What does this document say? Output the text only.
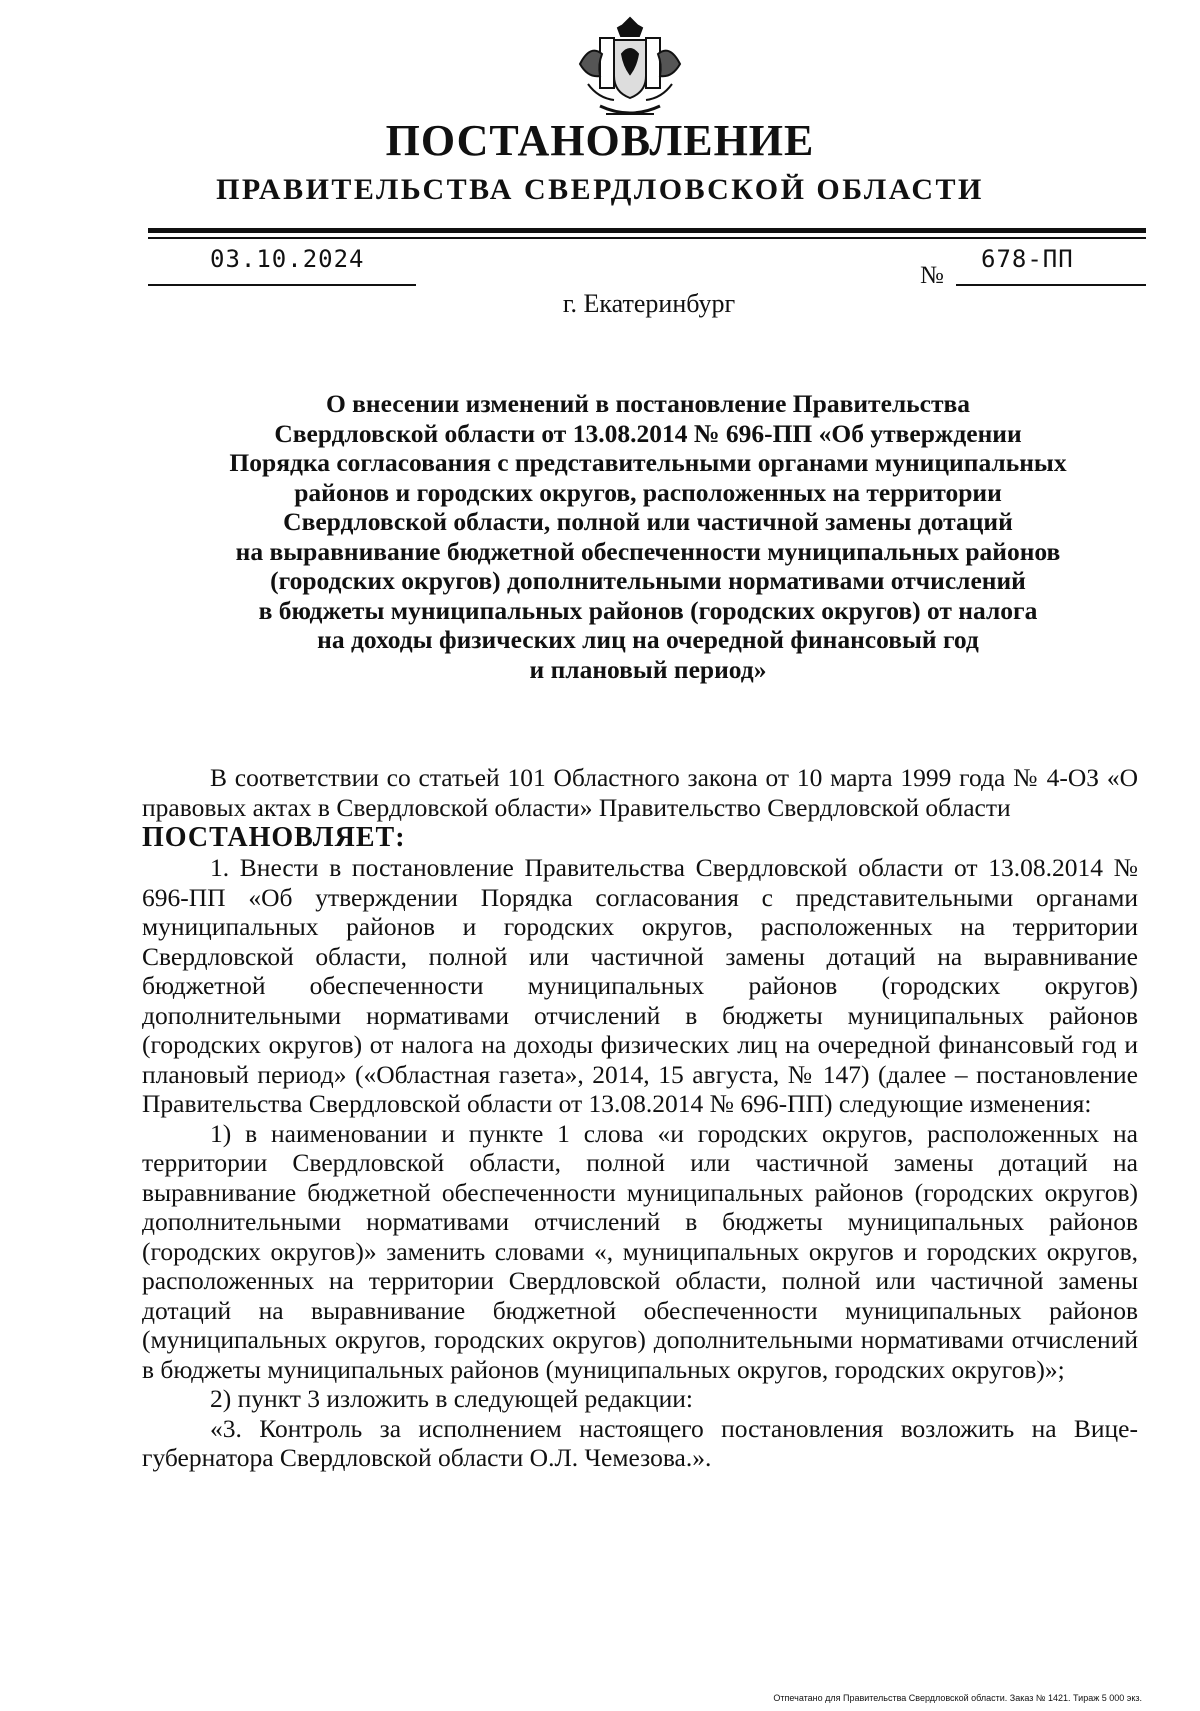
ПОСТАНОВЛЕНИЕ
ПРАВИТЕЛЬСТВА СВЕРДЛОВСКОЙ ОБЛАСТИ
03.10.2024
№
678-ПП
г. Екатеринбург
О внесении изменений в постановление Правительства
Свердловской области от 13.08.2014 № 696-ПП «Об утверждении
Порядка согласования с представительными органами муниципальных
районов и городских округов, расположенных на территории
Свердловской области, полной или частичной замены дотаций
на выравнивание бюджетной обеспеченности муниципальных районов
(городских округов) дополнительными нормативами отчислений
в бюджеты муниципальных районов (городских округов) от налога
на доходы физических лиц на очередной финансовый год
и плановый период»

В соответствии со статьей 101 Областного закона от 10 марта 1999 года № 4-ОЗ «О правовых актах в Свердловской области» Правительство Свердловской области

ПОСТАНОВЛЯЕТ:

1. Внести в постановление Правительства Свердловской области от 13.08.2014 № 696-ПП «Об утверждении Порядка согласования с представительными органами муниципальных районов и городских округов, расположенных на территории Свердловской области, полной или частичной замены дотаций на выравнивание бюджетной обеспеченности муниципальных районов (городских округов) дополнительными нормативами отчислений в бюджеты муниципальных районов (городских округов) от налога на доходы физических лиц на очередной финансовый год и плановый период» («Областная газета», 2014, 15 августа, № 147) (далее – постановление Правительства Свердловской области от 13.08.2014 № 696-ПП) следующие изменения:

1) в наименовании и пункте 1 слова «и городских округов, расположенных на территории Свердловской области, полной или частичной замены дотаций на выравнивание бюджетной обеспеченности муниципальных районов (городских округов) дополнительными нормативами отчислений в бюджеты муниципальных районов (городских округов)» заменить словами «, муниципальных округов и городских округов, расположенных на территории Свердловской области, полной или частичной замены дотаций на выравнивание бюджетной обеспеченности муниципальных районов (муниципальных округов, городских округов) дополнительными нормативами отчислений в бюджеты муниципальных районов (муниципальных округов, городских округов)»;

2) пункт 3 изложить в следующей редакции:

«3. Контроль за исполнением настоящего постановления возложить на Вице-губернатора Свердловской области О.Л. Чемезова.».

Отпечатано для Правительства Свердловской области. Заказ № 1421. Тираж 5 000 экз.
